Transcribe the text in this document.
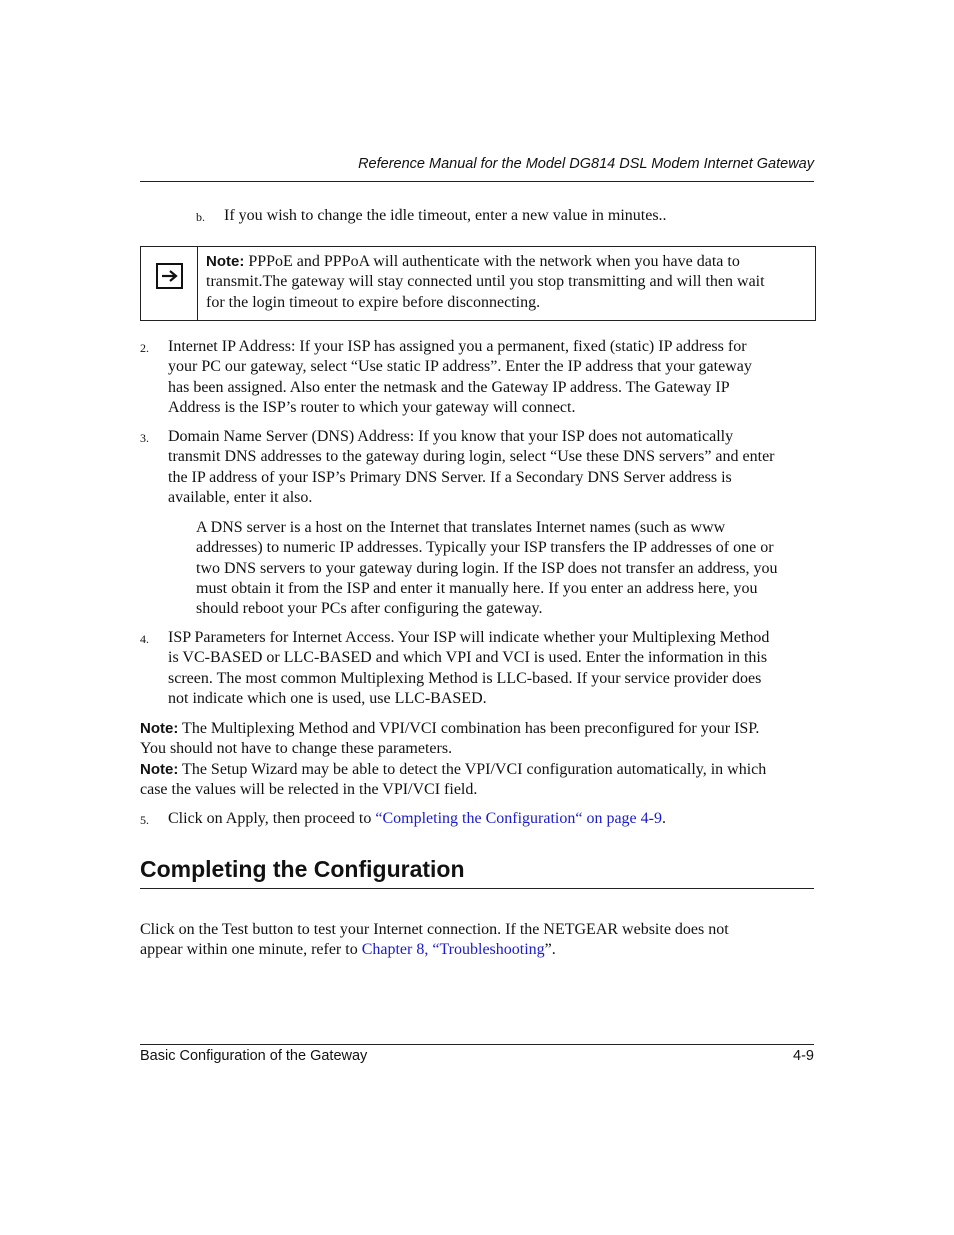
Reference Manual for the Model DG814 DSL Modem Internet Gateway
b. If you wish to change the idle timeout, enter a new value in minutes..
Note: PPPoE and PPPoA will authenticate with the network when you have data to
transmit.The gateway will stay connected until you stop transmitting and will then wait
for the login timeout to expire before disconnecting.
2. Internet IP Address: If your ISP has assigned you a permanent, fixed (static) IP address for
your PC our gateway, select “Use static IP address”. Enter the IP address that your gateway
has been assigned. Also enter the netmask and the Gateway IP address. The Gateway IP
Address is the ISP’s router to which your gateway will connect.
3. Domain Name Server (DNS) Address: If you know that your ISP does not automatically
transmit DNS addresses to the gateway during login, select “Use these DNS servers” and enter
the IP address of your ISP’s Primary DNS Server. If a Secondary DNS Server address is
available, enter it also.
A DNS server is a host on the Internet that translates Internet names (such as www
addresses) to numeric IP addresses. Typically your ISP transfers the IP addresses of one or
two DNS servers to your gateway during login. If the ISP does not transfer an address, you
must obtain it from the ISP and enter it manually here. If you enter an address here, you
should reboot your PCs after configuring the gateway.
4. ISP Parameters for Internet Access. Your ISP will indicate whether your Multiplexing Method
is VC-BASED or LLC-BASED and which VPI and VCI is used. Enter the information in this
screen. The most common Multiplexing Method is LLC-based. If your service provider does
not indicate which one is used, use LLC-BASED.
Note: The Multiplexing Method and VPI/VCI combination has been preconfigured for your ISP.
You should not have to change these parameters.
Note: The Setup Wizard may be able to detect the VPI/VCI configuration automatically, in which
case the values will be relected in the VPI/VCI field.
5. Click on Apply, then proceed to “Completing the Configuration“ on page 4-9.
Completing the Configuration
Click on the Test button to test your Internet connection. If the NETGEAR website does not
appear within one minute, refer to Chapter 8, “Troubleshooting”.
Basic Configuration of the Gateway	4-9
